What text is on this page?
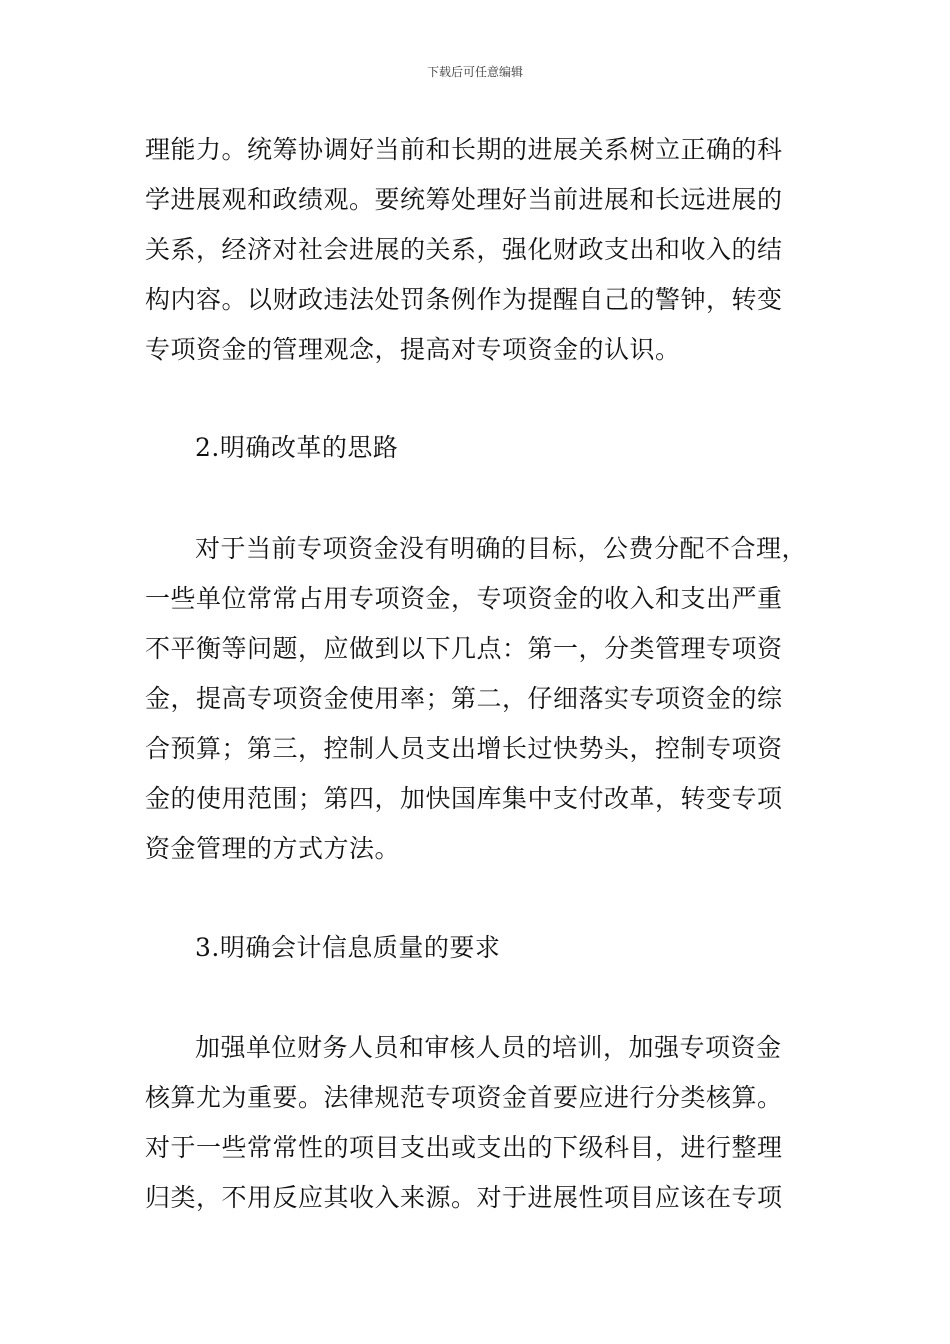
下载后可任意编辑
理能力。统筹协调好当前和长期的进展关系树立正确的科
学进展观和政绩观。要统筹处理好当前进展和长远进展的
关系，经济对社会进展的关系，强化财政支出和收入的结
构内容。以财政违法处罚条例作为提醒自己的警钟，转变
专项资金的管理观念，提高对专项资金的认识。
2.明确改革的思路
对于当前专项资金没有明确的目标，公费分配不合理，
一些单位常常占用专项资金，专项资金的收入和支出严重
不平衡等问题，应做到以下几点：第一，分类管理专项资
金，提高专项资金使用率；第二，仔细落实专项资金的综
合预算；第三，控制人员支出增长过快势头，控制专项资
金的使用范围；第四，加快国库集中支付改革，转变专项
资金管理的方式方法。
3.明确会计信息质量的要求
加强单位财务人员和审核人员的培训，加强专项资金
核算尤为重要。法律规范专项资金首要应进行分类核算。
对于一些常常性的项目支出或支出的下级科目，进行整理
归类，不用反应其收入来源。对于进展性项目应该在专项
